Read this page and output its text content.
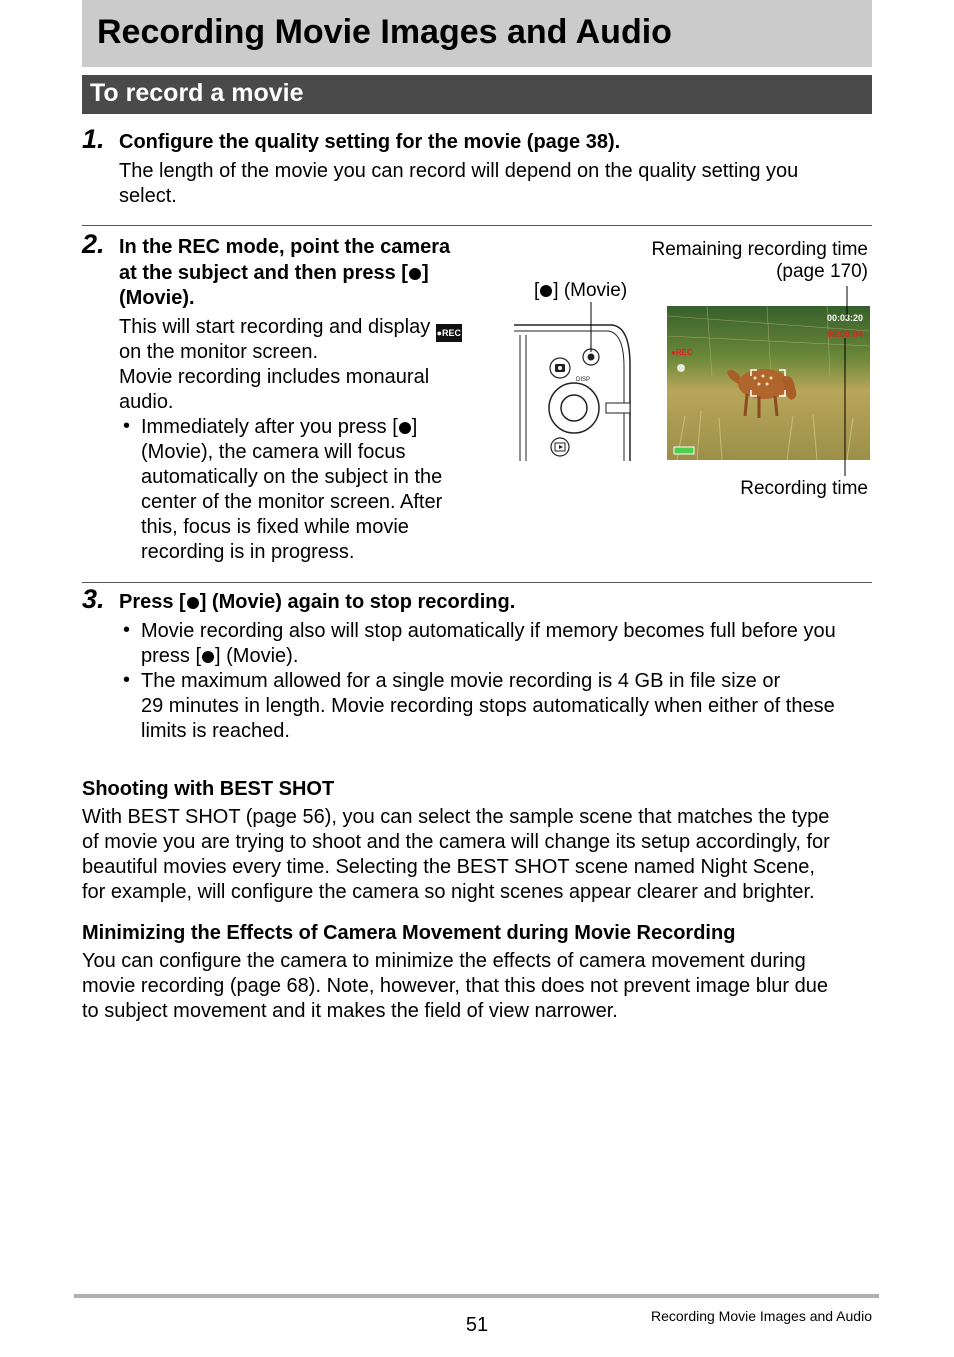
Recording Movie Images and Audio
To record a movie
1. Configure the quality setting for the movie (page 38).
The length of the movie you can record will depend on the quality setting you
select.
2. In the REC mode, point the camera
at the subject and then press [ ]
(Movie).
This will start recording and display ●REC
on the monitor screen.
Movie recording includes monaural
audio.
• Immediately after you press [ ]
(Movie), the camera will focus
automatically on the subject in the
center of the monitor screen. After
this, focus is fixed while movie
recording is in progress.
[ ] (Movie)
Remaining recording time
(page 170)
Recording time
DISP
00:03:20
00:00:04
●REC
3. Press [ ] (Movie) again to stop recording.
• Movie recording also will stop automatically if memory becomes full before you
press [ ] (Movie).
• The maximum allowed for a single movie recording is 4 GB in file size or
29 minutes in length. Movie recording stops automatically when either of these
limits is reached.
Shooting with BEST SHOT
With BEST SHOT (page 56), you can select the sample scene that matches the type
of movie you are trying to shoot and the camera will change its setup accordingly, for
beautiful movies every time. Selecting the BEST SHOT scene named Night Scene,
for example, will configure the camera so night scenes appear clearer and brighter.
Minimizing the Effects of Camera Movement during Movie Recording
You can configure the camera to minimize the effects of camera movement during
movie recording (page 68). Note, however, that this does not prevent image blur due
to subject movement and it makes the field of view narrower.
51	Recording Movie Images and Audio
